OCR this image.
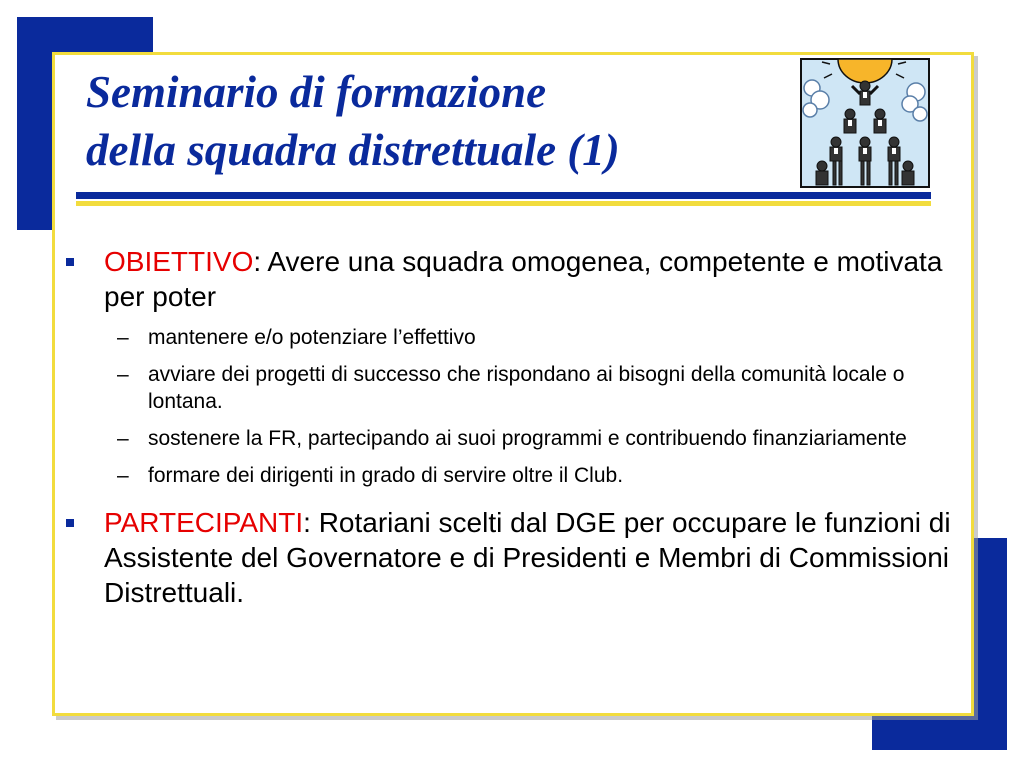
Seminario di formazione
della squadra distrettuale (1)
OBIETTIVO: Avere una squadra omogenea, competente e motivata per poter
– mantenere e/o potenziare l’effettivo
– avviare dei progetti di successo che rispondano ai bisogni della comunità locale o lontana.
– sostenere la FR, partecipando ai suoi programmi e contribuendo finanziariamente
– formare dei dirigenti in grado di servire oltre il Club.
PARTECIPANTI: Rotariani scelti dal DGE per occupare le funzioni di Assistente del Governatore e di Presidenti e Membri di Commissioni Distrettuali.
